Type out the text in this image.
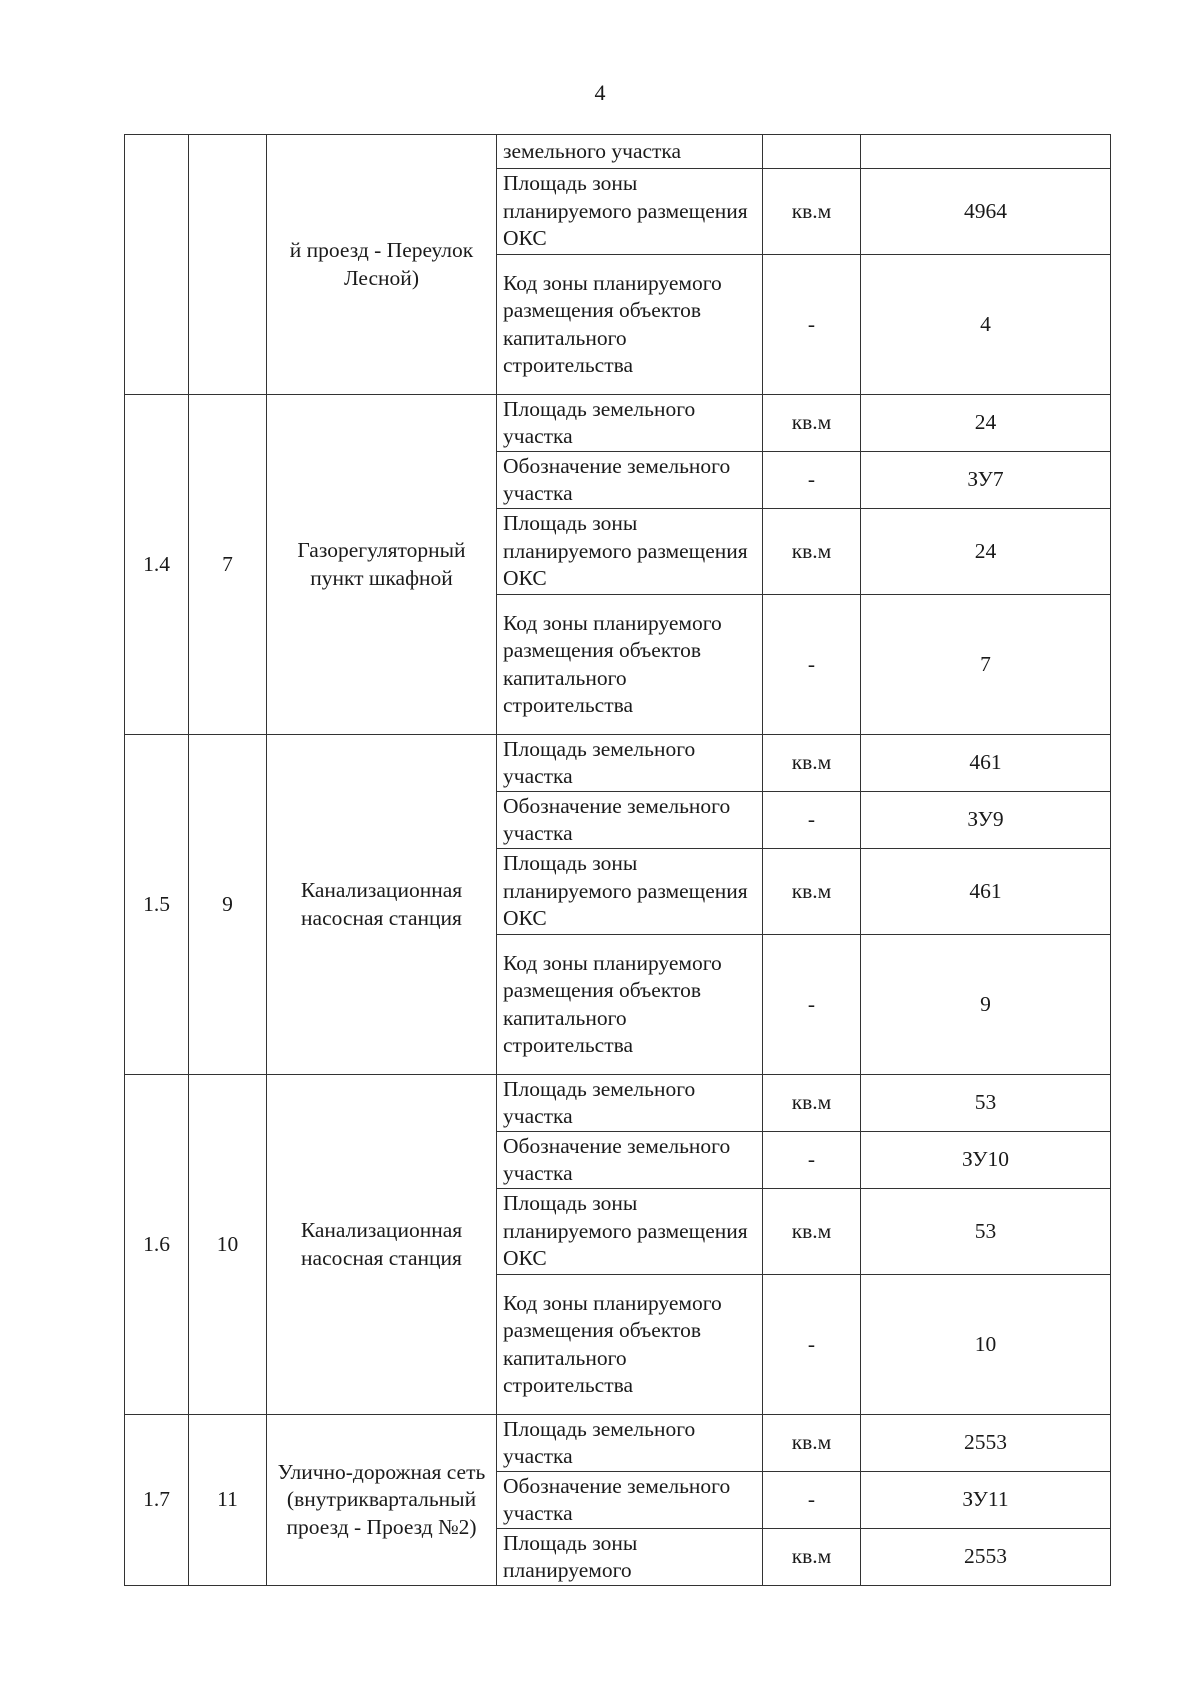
4
		й проезд - Переулок Лесной)	земельного участка		
			Площадь зоны планируемого размещения ОКС	кв.м	4964
			Код зоны планируемого размещения объектов капитального строительства	-	4
1.4	7	Газорегуляторный пункт шкафной	Площадь земельного участка	кв.м	24
			Обозначение земельного участка	-	ЗУ7
			Площадь зоны планируемого размещения ОКС	кв.м	24
			Код зоны планируемого размещения объектов капитального строительства	-	7
1.5	9	Канализационная насосная станция	Площадь земельного участка	кв.м	461
			Обозначение земельного участка	-	ЗУ9
			Площадь зоны планируемого размещения ОКС	кв.м	461
			Код зоны планируемого размещения объектов капитального строительства	-	9
1.6	10	Канализационная насосная станция	Площадь земельного участка	кв.м	53
			Обозначение земельного участка	-	ЗУ10
			Площадь зоны планируемого размещения ОКС	кв.м	53
			Код зоны планируемого размещения объектов капитального строительства	-	10
1.7	11	Улично-дорожная сеть (внутриквартальный проезд - Проезд №2)	Площадь земельного участка	кв.м	2553
			Обозначение земельного участка	-	ЗУ11
			Площадь зоны планируемого	кв.м	2553
